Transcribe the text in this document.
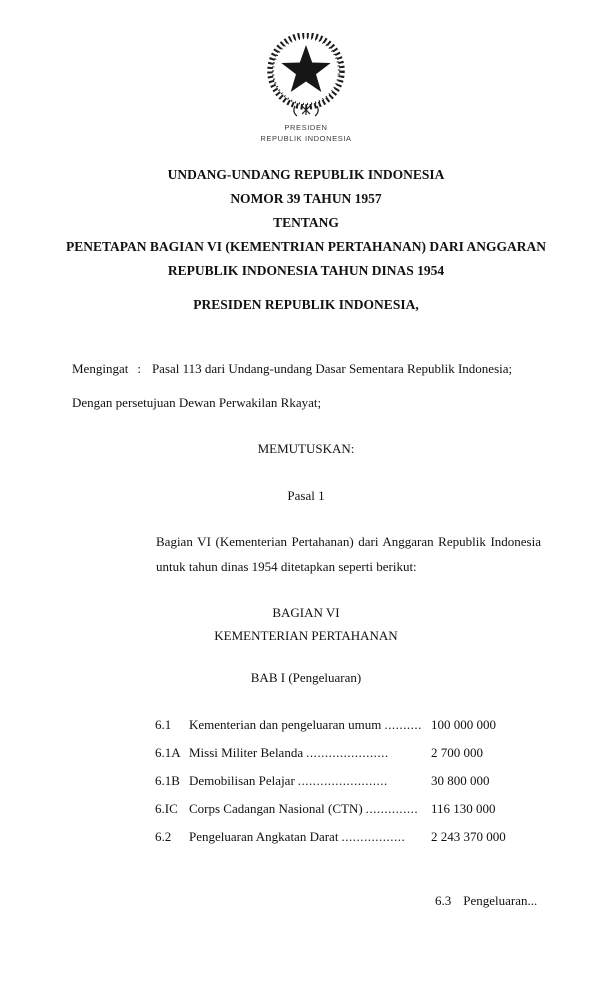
PRESIDEN
REPUBLIK INDONESIA
UNDANG-UNDANG REPUBLIK INDONESIA
NOMOR 39 TAHUN 1957
TENTANG
PENETAPAN BAGIAN VI (KEMENTRIAN PERTAHANAN) DARI ANGGARAN
REPUBLIK INDONESIA TAHUN DINAS 1954
PRESIDEN REPUBLIK INDONESIA,
Mengingat : Pasal 113 dari Undang-undang Dasar Sementara Republik Indonesia;
Dengan persetujuan Dewan Perwakilan Rkayat;
MEMUTUSKAN:
Pasal 1
Bagian VI (Kementerian Pertahanan) dari Anggaran Republik Indonesia
untuk tahun dinas 1954 ditetapkan seperti berikut:
BAGIAN VI
KEMENTERIAN PERTAHANAN
BAB I (Pengeluaran)
6.1 Kementerian dan pengeluaran umum .......... 100 000 000
6.1A Missi Militer Belanda ......................	2 700 000
6.1B Demobilisan Pelajar ........................	30 800 000
6.IC Corps Cadangan Nasional (CTN) .............. 116 130 000
6.2 Pengeluaran Angkatan Darat ................. 2 243 370 000
6.3 Pengeluaran...
